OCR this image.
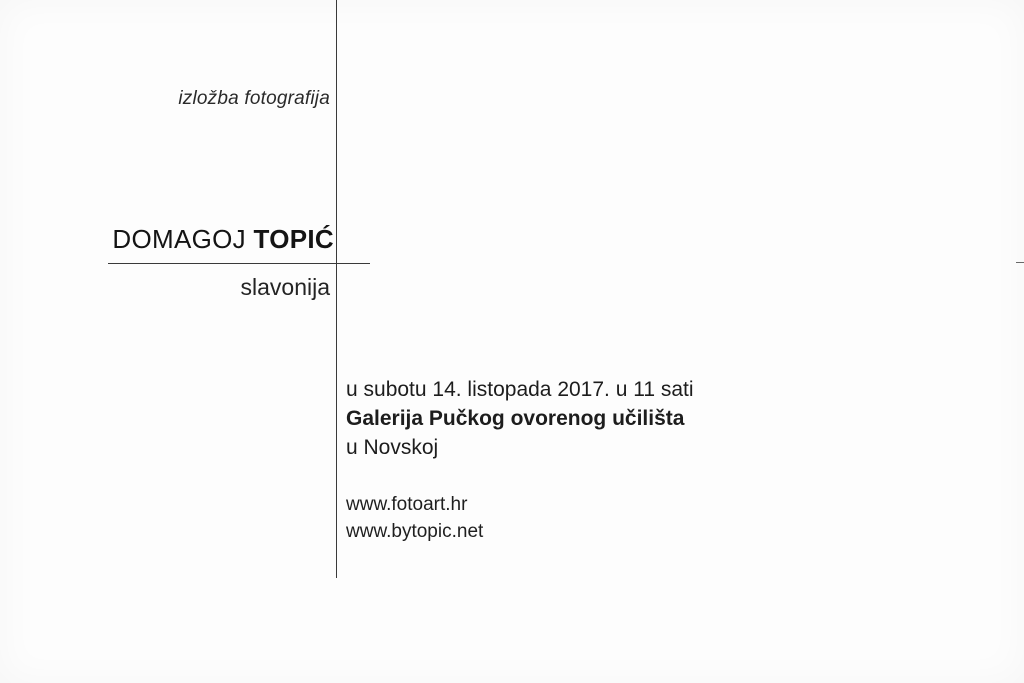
izložba fotografija
DOMAGOJ TOPIĆ
slavonija
u subotu 14. listopada 2017. u 11 sati
Galerija Pučkog ovorenog učilišta
u Novskoj
www.fotoart.hr
www.bytopic.net
